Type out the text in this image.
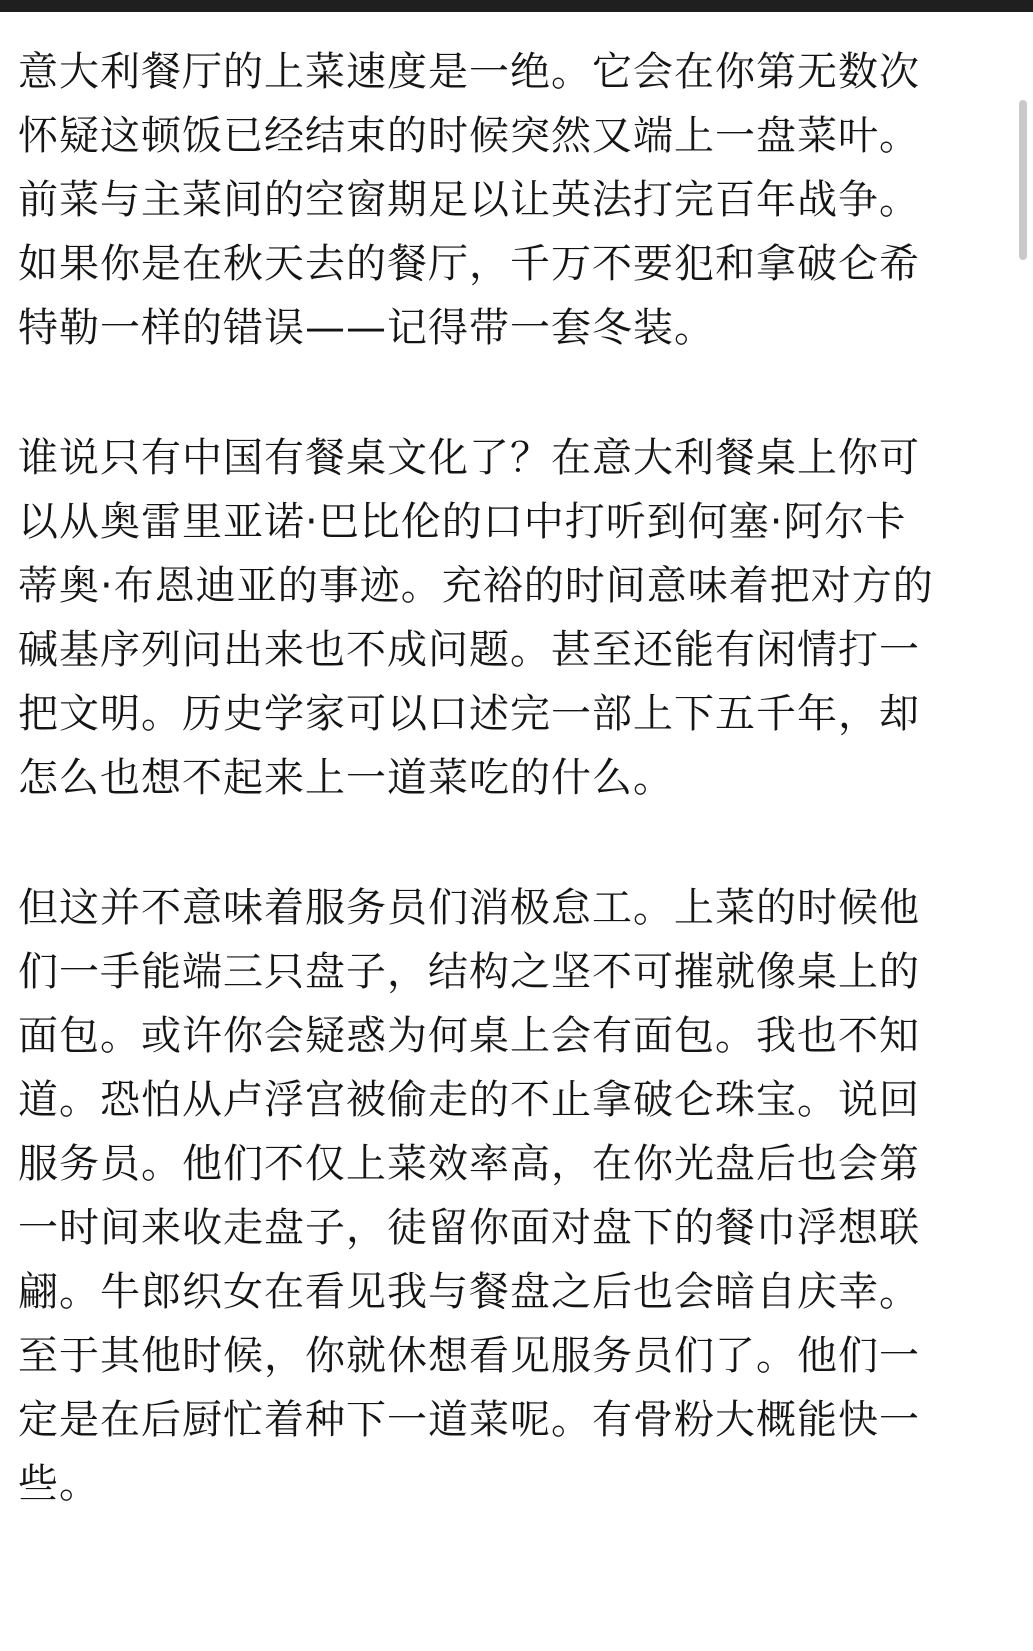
意大利餐厅的上菜速度是一绝。它会在你第无数次
怀疑这顿饭已经结束的时候突然又端上一盘菜叶。
前菜与主菜间的空窗期足以让英法打完百年战争。
如果你是在秋天去的餐厅，千万不要犯和拿破仑希
特勒一样的错误——记得带一套冬装。
谁说只有中国有餐桌文化了？在意大利餐桌上你可
以从奥雷里亚诺·巴比伦的口中打听到何塞·阿尔卡
蒂奥·布恩迪亚的事迹。充裕的时间意味着把对方的
碱基序列问出来也不成问题。甚至还能有闲情打一
把文明。历史学家可以口述完一部上下五千年，却
怎么也想不起来上一道菜吃的什么。
但这并不意味着服务员们消极怠工。上菜的时候他
们一手能端三只盘子，结构之坚不可摧就像桌上的
面包。或许你会疑惑为何桌上会有面包。我也不知
道。恐怕从卢浮宫被偷走的不止拿破仑珠宝。说回
服务员。他们不仅上菜效率高，在你光盘后也会第
一时间来收走盘子，徒留你面对盘下的餐巾浮想联
翩。牛郎织女在看见我与餐盘之后也会暗自庆幸。
至于其他时候，你就休想看见服务员们了。他们一
定是在后厨忙着种下一道菜呢。有骨粉大概能快一
些。
